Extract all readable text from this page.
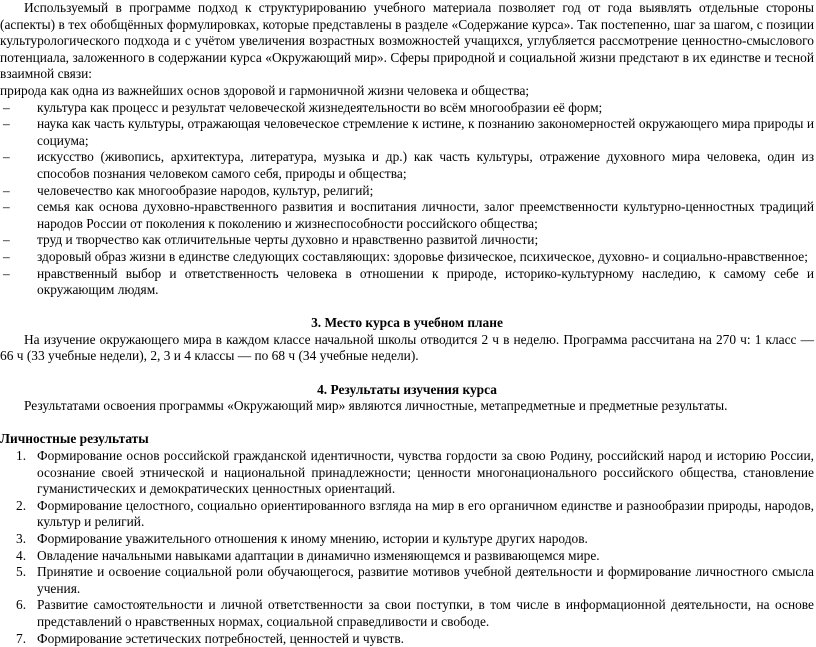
Используемый в программе подход к структурированию учебного материала позволяет год от года выявлять отдельные стороны (аспекты) в тех обобщённых формулировках, которые представлены в разделе «Содержание курса». Так постепенно, шаг за шагом, с позиции культурологического подхода и с учётом увеличения возрастных возможностей учащихся, углубляется рассмотрение ценностно-смыслового потенциала, заложенного в содержании курса «Окружающий мир». Сферы природной и социальной жизни предстают в их единстве и тесной взаимной связи:

природа как одна из важнейших основ здоровой и гармоничной жизни человека и общества;

– культура как процесс и результат человеческой жизнедеятельности во всём многообразии её форм;
– наука как часть культуры, отражающая человеческое стремление к истине, к познанию закономерностей окружающего мира природы и социума;
– искусство (живопись, архитектура, литература, музыка и др.) как часть культуры, отражение духовного мира человека, один из способов познания человеком самого себя, природы и общества;
– человечество как многообразие народов, культур, религий;
– семья как основа духовно-нравственного развития и воспитания личности, залог преемственности культурно-ценностных традиций народов России от поколения к поколению и жизнеспособности российского общества;
– труд и творчество как отличительные черты духовно и нравственно развитой личности;
– здоровый образ жизни в единстве следующих составляющих: здоровье физическое, психическое, духовно- и социально-нравственное;
– нравственный выбор и ответственность человека в отношении к природе, историко-культурному наследию, к самому себе и окружающим людям.
3. Место курса в учебном плане

На изучение окружающего мира в каждом классе начальной школы отводится 2 ч в неделю. Программа рассчитана на 270 ч: 1 класс — 66 ч (33 учебные недели), 2, 3 и 4 классы — по 68 ч (34 учебные недели).

4. Результаты изучения курса

Результатами освоения программы «Окружающий мир» являются личностные, метапредметные и предметные результаты.

Личностные результаты

1. Формирование основ российской гражданской идентичности, чувства гордости за свою Родину, российский народ и историю России, осознание своей этнической и национальной принадлежности; ценности многонационального российского общества, становление гуманистических и демократических ценностных ориентаций.
2. Формирование целостного, социально ориентированного взгляда на мир в его органичном единстве и разнообразии природы, народов, культур и религий.
3. Формирование уважительного отношения к иному мнению, истории и культуре других народов.
4. Овладение начальными навыками адаптации в динамично изменяющемся и развивающемся мире.
5. Принятие и освоение социальной роли обучающегося, развитие мотивов учебной деятельности и формирование личностного смысла учения.
6. Развитие самостоятельности и личной ответственности за свои поступки, в том числе в информационной деятельности, на основе представлений о нравственных нормах, социальной справедливости и свободе.
7. Формирование эстетических потребностей, ценностей и чувств.
